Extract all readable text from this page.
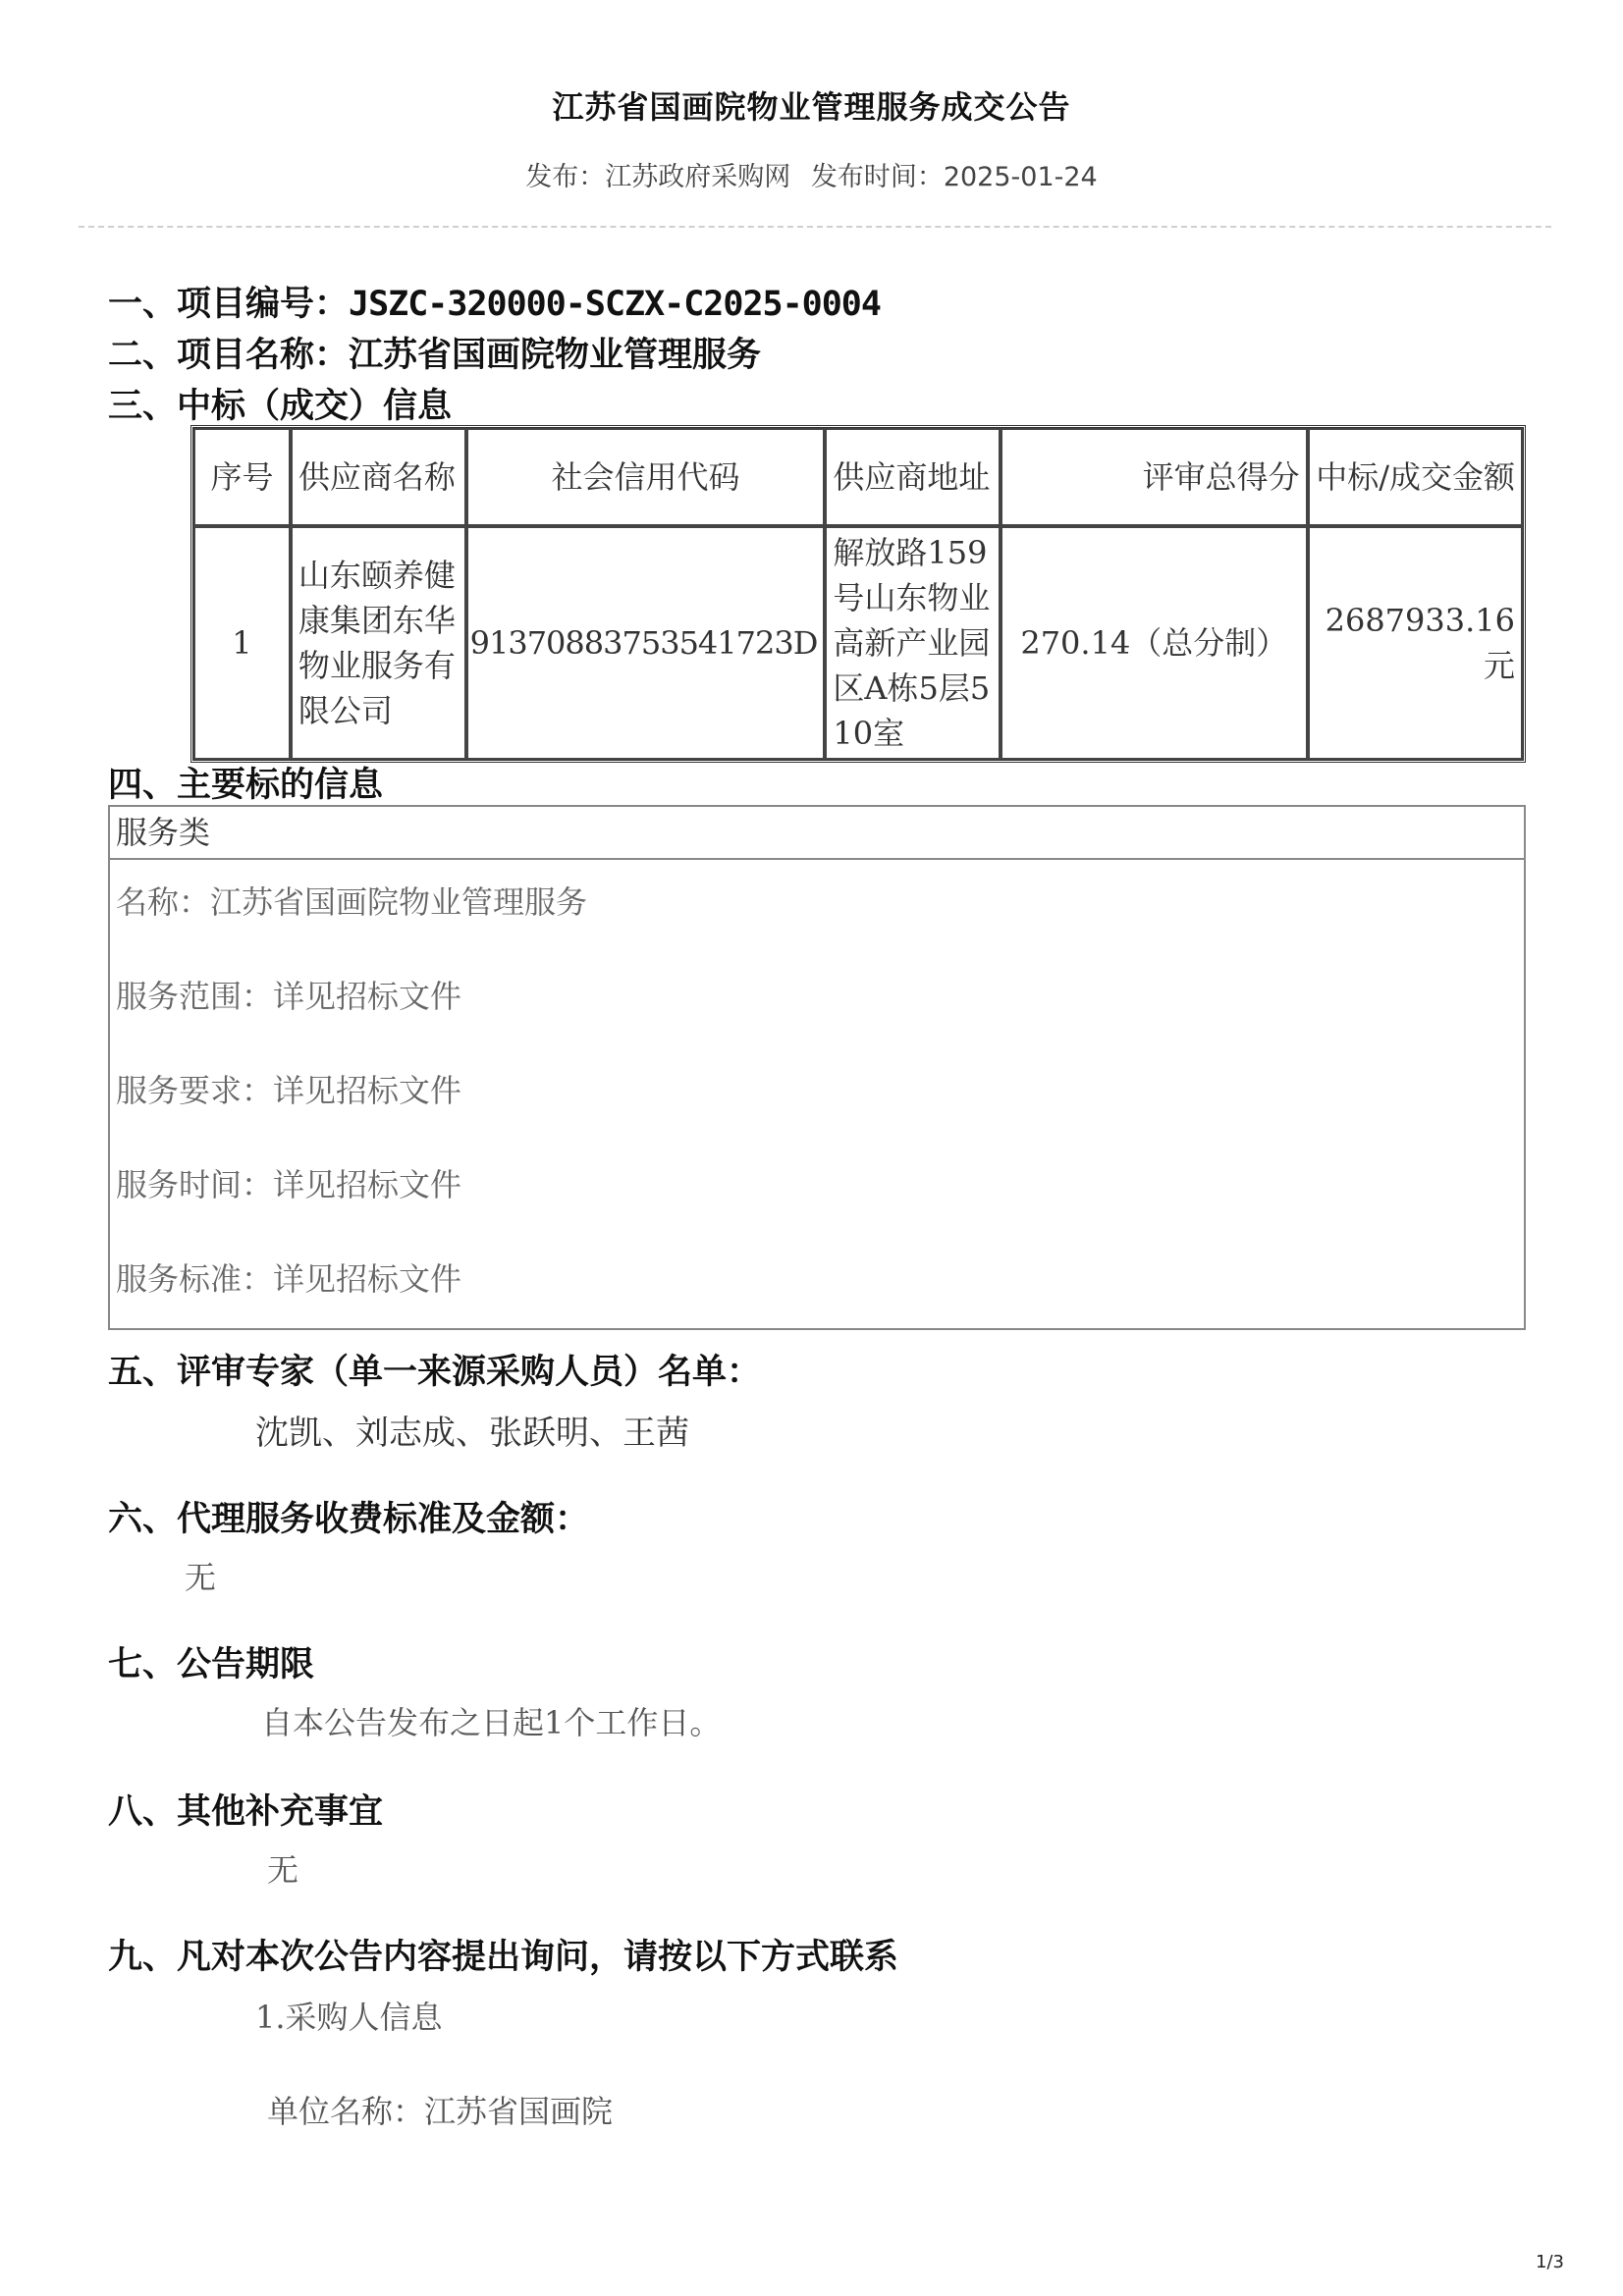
江苏省国画院物业管理服务成交公告
发布：江苏政府采购网 发布时间：2025-01-24
一、项目编号：JSZC-320000-SCZX-C2025-0004
二、项目名称：江苏省国画院物业管理服务
三、中标（成交）信息
序号	供应商名称	社会信用代码	供应商地址	评审总得分	中标/成交金额
1	山东颐养健康集团东华物业服务有限公司	91370883753541723D	解放路159号山东物业高新产业园区A栋5层510室	270.14（总分制）	2687933.16元
四、主要标的信息
服务类
名称：江苏省国画院物业管理服务
服务范围：详见招标文件
服务要求：详见招标文件
服务时间：详见招标文件
服务标准：详见招标文件
五、评审专家（单一来源采购人员）名单：
沈凯、刘志成、张跃明、王茜
六、代理服务收费标准及金额：
无
七、公告期限
自本公告发布之日起1个工作日。
八、其他补充事宜
无
九、凡对本次公告内容提出询问，请按以下方式联系
1.采购人信息
单位名称：江苏省国画院
1/3
